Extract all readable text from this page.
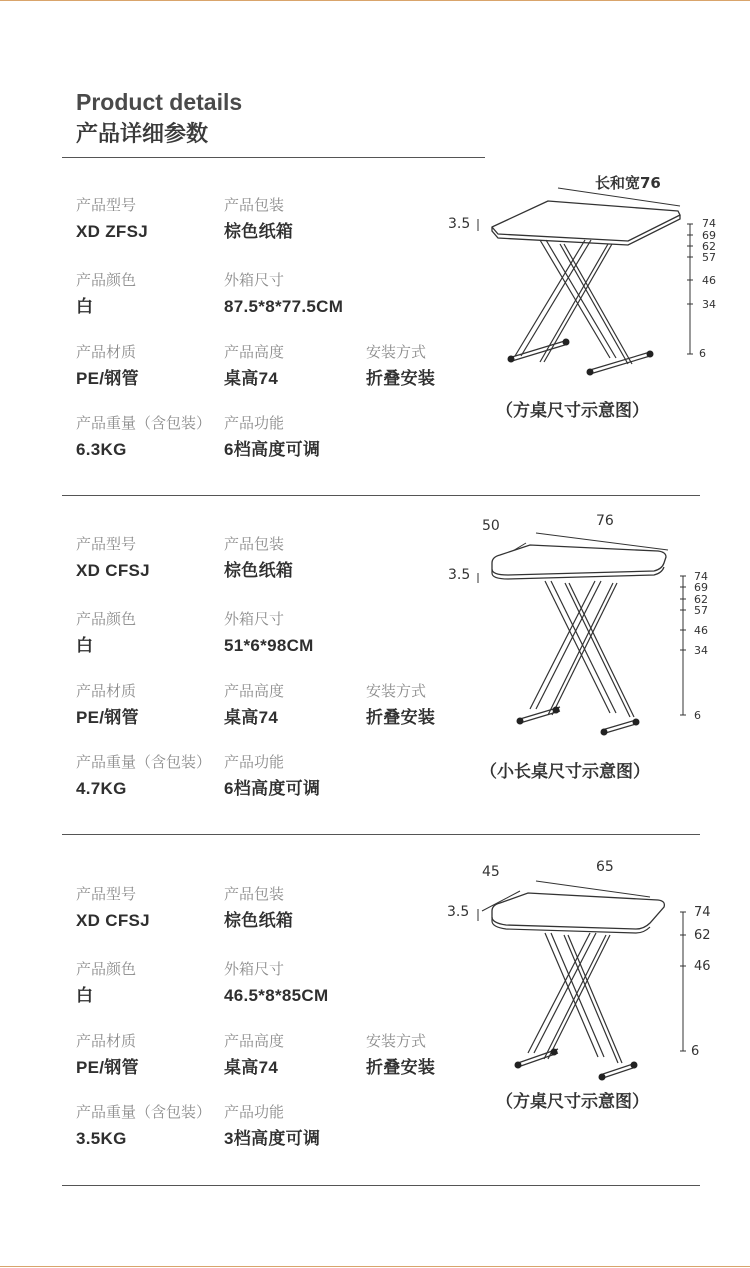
Product details
产品详细参数
产品型号
XD ZFSJ
产品包装
棕色纸箱
产品颜色
白
外箱尺寸
87.5*8*77.5CM
产品材质
PE/钢管
产品高度
桌高74
安装方式
折叠安装
产品重量（含包装）
6.3KG
产品功能
6档高度可调
长和宽76
3.5	74
69
62
57
46
34
6
（方桌尺寸示意图）
产品型号
XD CFSJ
产品包装
棕色纸箱
产品颜色
白
外箱尺寸
51*6*98CM
产品材质
PE/钢管
产品高度
桌高74
安装方式
折叠安装
产品重量（含包装）
4.7KG
产品功能
6档高度可调
50	76
3.5	74
69
62
57
46
34
6
（小长桌尺寸示意图）
产品型号
XD CFSJ
产品包装
棕色纸箱
产品颜色
白
外箱尺寸
46.5*8*85CM
产品材质
PE/钢管
产品高度
桌高74
安装方式
折叠安装
产品重量（含包装）
3.5KG
产品功能
3档高度可调
45	65
3.5	74
62
46
6
（方桌尺寸示意图）
